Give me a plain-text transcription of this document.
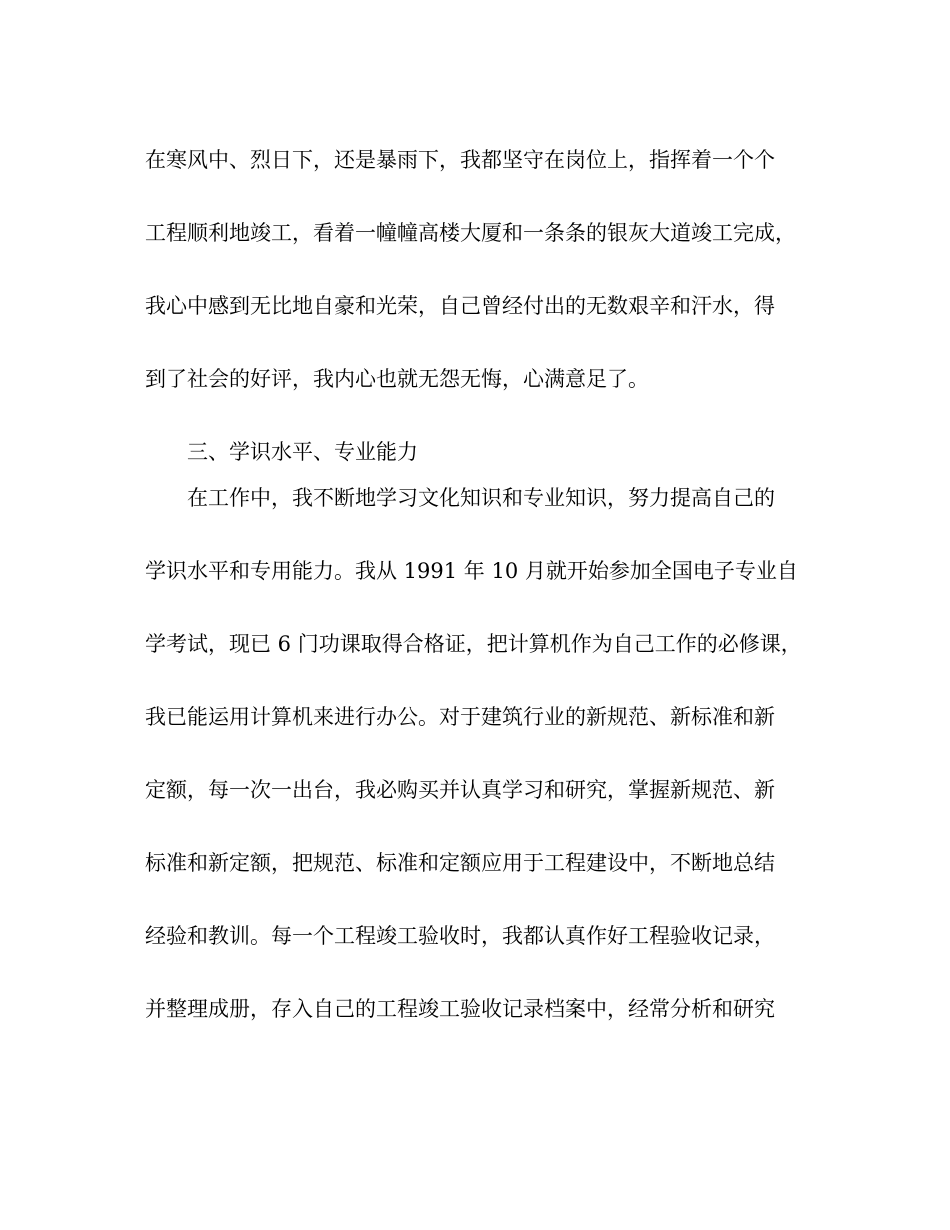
在寒风中、烈日下，还是暴雨下，我都坚守在岗位上，指挥着一个个
工程顺利地竣工，看着一幢幢高楼大厦和一条条的银灰大道竣工完成，
我心中感到无比地自豪和光荣，自己曾经付出的无数艰辛和汗水，得
到了社会的好评，我内心也就无怨无悔，心满意足了。
三、学识水平、专业能力
在工作中，我不断地学习文化知识和专业知识，努力提高自己的
学识水平和专用能力。我从 1991 年 10 月就开始参加全国电子专业自
学考试，现已 6 门功课取得合格证，把计算机作为自己工作的必修课，
我已能运用计算机来进行办公。对于建筑行业的新规范、新标准和新
定额，每一次一出台，我必购买并认真学习和研究，掌握新规范、新
标准和新定额，把规范、标准和定额应用于工程建设中，不断地总结
经验和教训。每一个工程竣工验收时，我都认真作好工程验收记录，
并整理成册，存入自己的工程竣工验收记录档案中，经常分析和研究
